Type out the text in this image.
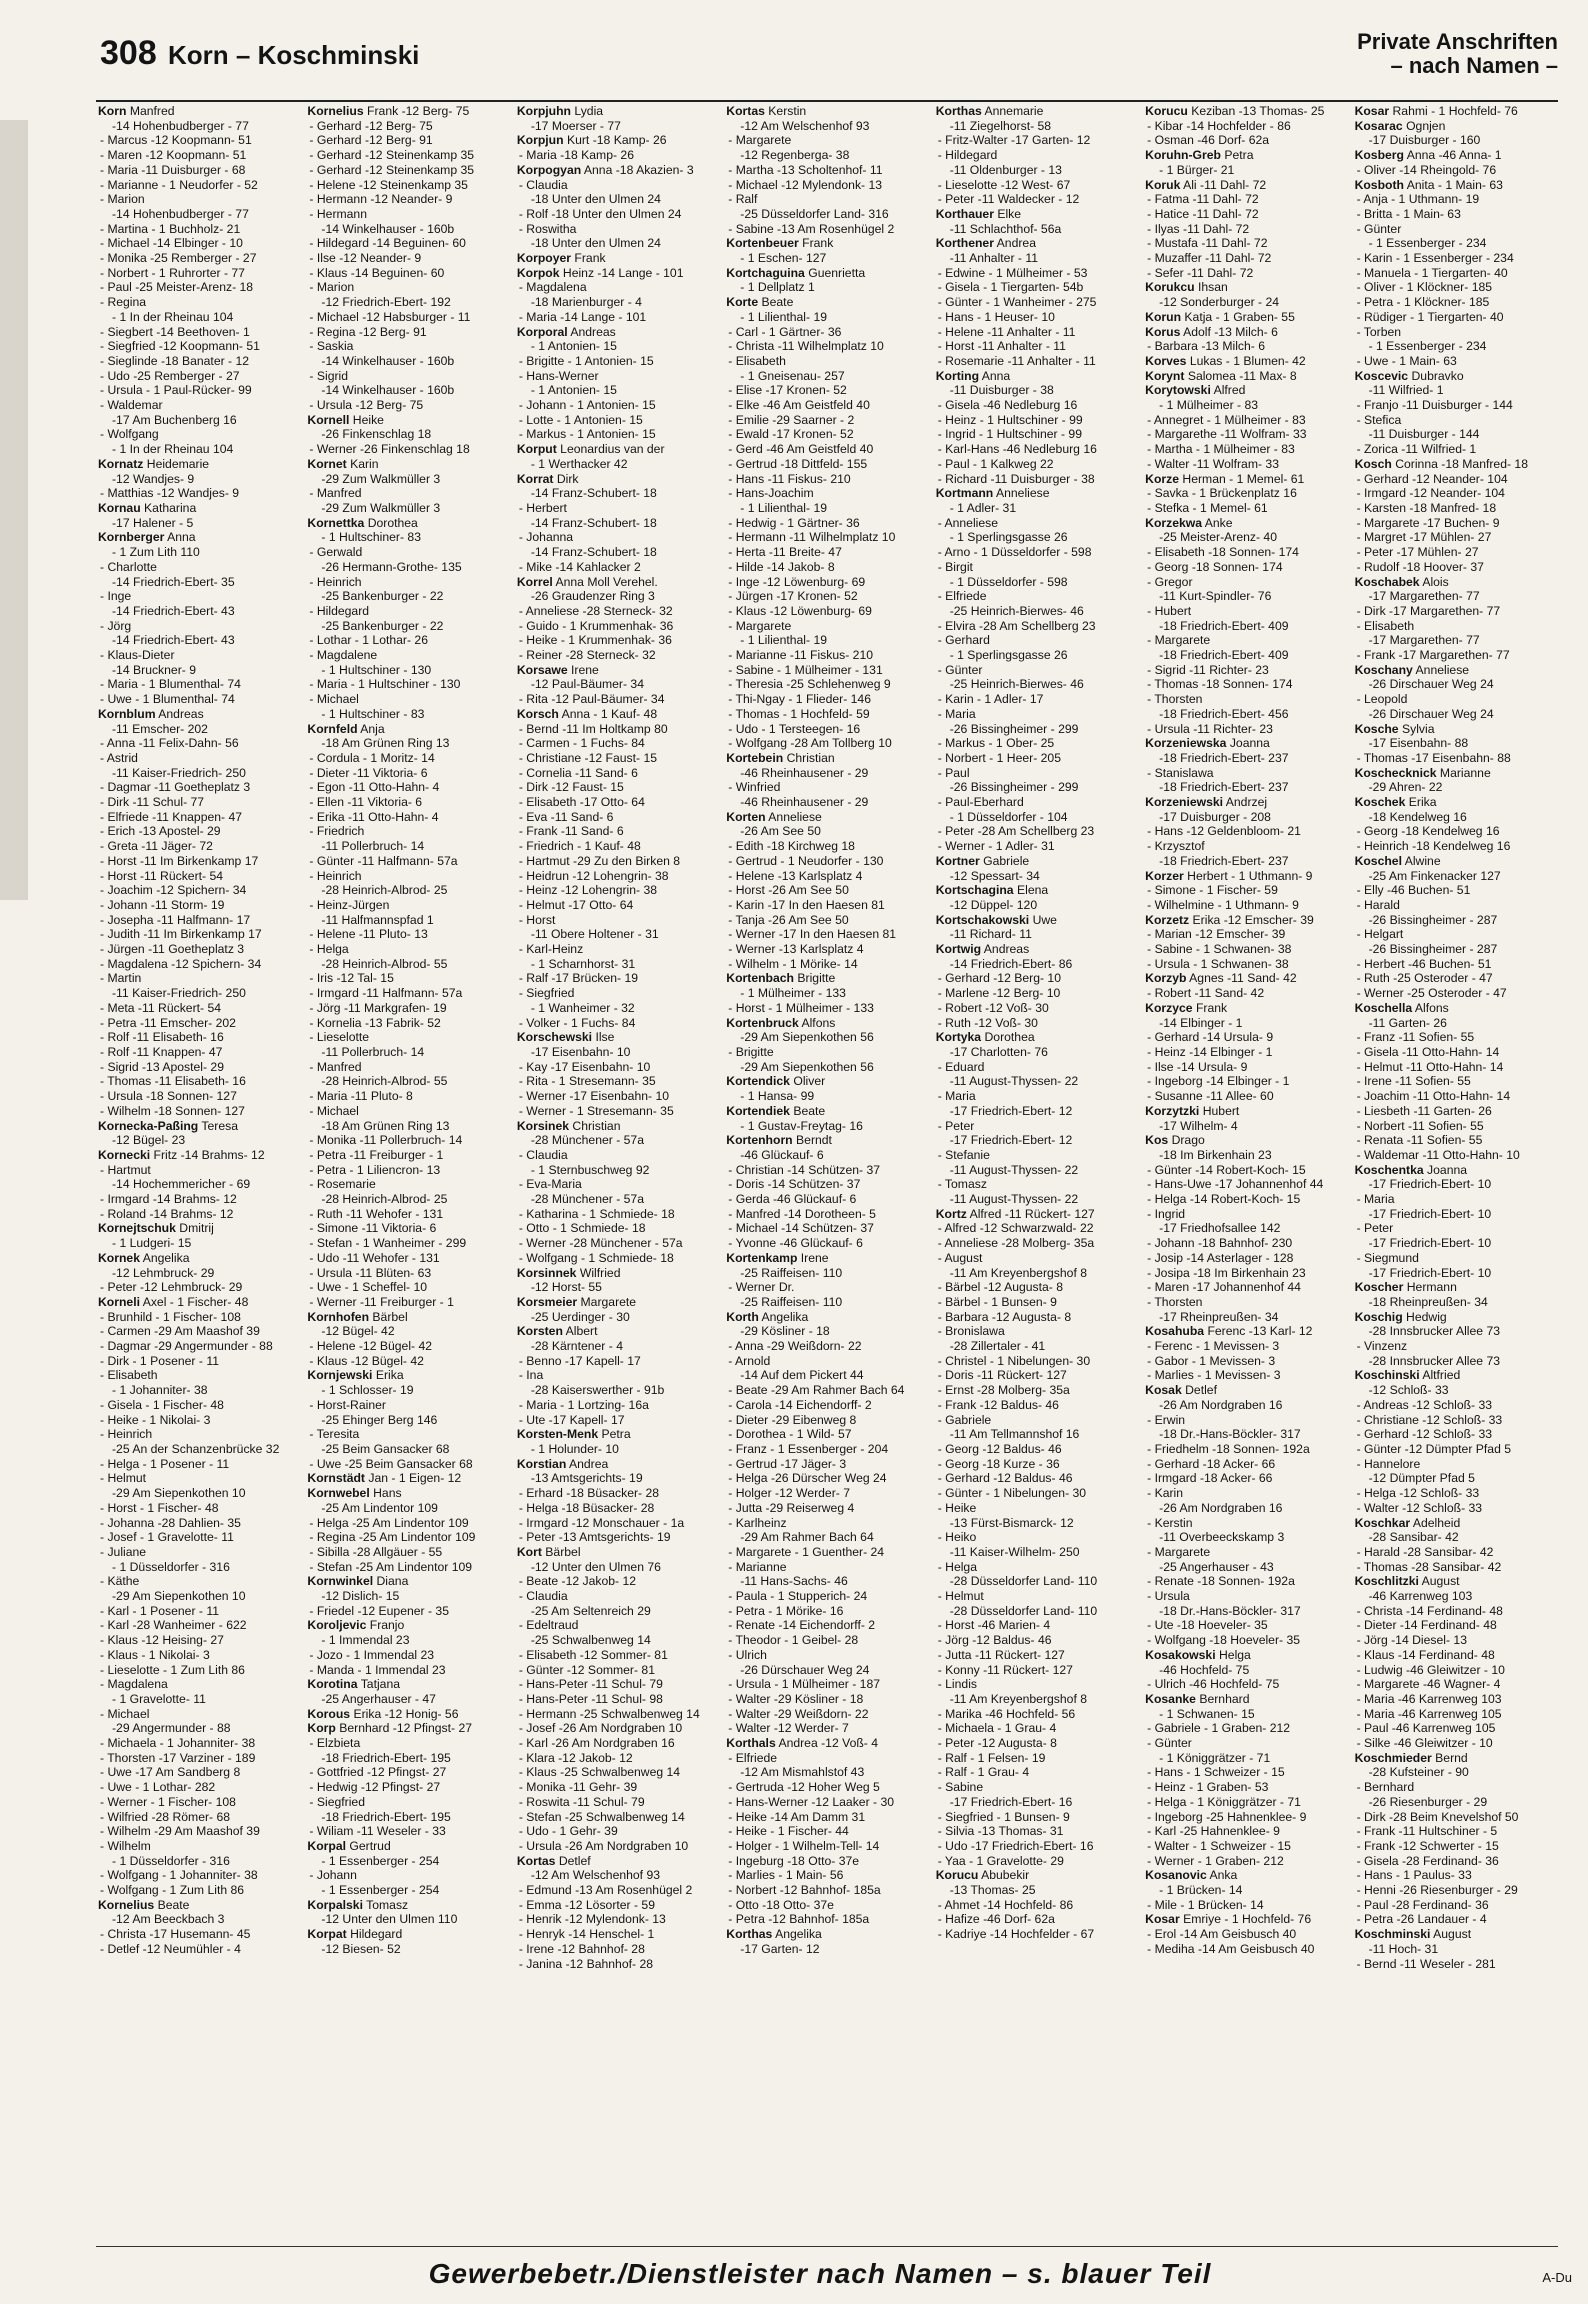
308 Korn – Koschminski	Private Anschriften
– nach Namen –
Korn Manfred
-14 Hohenbudberger - 77
- Marcus -12 Koopmann- 51
- Maren -12 Koopmann- 51
- Maria -11 Duisburger - 68
- Marianne - 1 Neudorfer - 52
- Marion
-14 Hohenbudberger - 77
- Martina - 1 Buchholz- 21
- Michael -14 Elbinger - 10
- Monika -25 Remberger - 27
- Norbert - 1 Ruhrorter - 77
- Paul -25 Meister-Arenz- 18
- Regina
- 1 In der Rheinau 104
- Siegbert -14 Beethoven- 1
- Siegfried -12 Koopmann- 51
- Sieglinde -18 Banater - 12
- Udo -25 Remberger - 27
- Ursula - 1 Paul-Rücker- 99
- Waldemar
-17 Am Buchenberg 16
- Wolfgang
- 1 In der Rheinau 104
Kornatz Heidemarie
-12 Wandjes- 9
- Matthias -12 Wandjes- 9
Kornau Katharina
-17 Halener - 5
Kornberger Anna
- 1 Zum Lith 110
- Charlotte
-14 Friedrich-Ebert- 35
- Inge
-14 Friedrich-Ebert- 43
- Jörg
-14 Friedrich-Ebert- 43
- Klaus-Dieter
-14 Bruckner- 9
- Maria - 1 Blumenthal- 74
- Uwe - 1 Blumenthal- 74
Kornblum Andreas
-11 Emscher- 202
- Anna -11 Felix-Dahn- 56
- Astrid
-11 Kaiser-Friedrich- 250
- Dagmar -11 Goetheplatz 3
- Dirk -11 Schul- 77
- Elfriede -11 Knappen- 47
- Erich -13 Apostel- 29
- Greta -11 Jäger- 72
- Horst -11 Im Birkenkamp 17
- Horst -11 Rückert- 54
- Joachim -12 Spichern- 34
- Johann -11 Storm- 19
- Josepha -11 Halfmann- 17
- Judith -11 Im Birkenkamp 17
- Jürgen -11 Goetheplatz 3
- Magdalena -12 Spichern- 34
- Martin
-11 Kaiser-Friedrich- 250
- Meta -11 Rückert- 54
- Petra -11 Emscher- 202
- Rolf -11 Elisabeth- 16
- Rolf -11 Knappen- 47
- Sigrid -13 Apostel- 29
- Thomas -11 Elisabeth- 16
- Ursula -18 Sonnen- 127
- Wilhelm -18 Sonnen- 127
Kornecka-Paßing Teresa
-12 Bügel- 23
Kornecki Fritz -14 Brahms- 12
- Hartmut
-14 Hochemmericher - 69
- Irmgard -14 Brahms- 12
- Roland -14 Brahms- 12
Kornejtschuk Dmitrij
- 1 Ludgeri- 15
Kornek Angelika
-12 Lehmbruck- 29
- Peter -12 Lehmbruck- 29
Korneli Axel - 1 Fischer- 48
- Brunhild - 1 Fischer- 108
- Carmen -29 Am Maashof 39
- Dagmar -29 Angermunder - 88
- Dirk - 1 Posener - 11
- Elisabeth
- 1 Johanniter- 38
- Gisela - 1 Fischer- 48
- Heike - 1 Nikolai- 3
- Heinrich
-25 An der Schanzenbrücke 32
- Helga - 1 Posener - 11
- Helmut
-29 Am Siepenkothen 10
- Horst - 1 Fischer- 48
- Johanna -28 Dahlien- 35
- Josef - 1 Gravelotte- 11
- Juliane
- 1 Düsseldorfer - 316
- Käthe
-29 Am Siepenkothen 10
- Karl - 1 Posener - 11
- Karl -28 Wanheimer - 622
- Klaus -12 Heising- 27
- Klaus - 1 Nikolai- 3
- Lieselotte - 1 Zum Lith 86
- Magdalena
- 1 Gravelotte- 11
- Michael
-29 Angermunder - 88
- Michaela - 1 Johanniter- 38
- Thorsten -17 Varziner - 189
- Uwe -17 Am Sandberg 8
- Uwe - 1 Lothar- 282
- Werner - 1 Fischer- 108
- Wilfried -28 Römer- 68
- Wilhelm -29 Am Maashof 39
- Wilhelm
- 1 Düsseldorfer - 316
- Wolfgang - 1 Johanniter- 38
- Wolfgang - 1 Zum Lith 86
Kornelius Beate
-12 Am Beeckbach 3
- Christa -17 Husemann- 45
- Detlef -12 Neumühler - 4
Kornelius Frank -12 Berg- 75
- Gerhard -12 Berg- 75
- Gerhard -12 Berg- 91
- Gerhard -12 Steinenkamp 35
- Gerhard -12 Steinenkamp 35
- Helene -12 Steinenkamp 35
- Hermann -12 Neander- 9
- Hermann
-14 Winkelhauser - 160b
- Hildegard -14 Beguinen- 60
- Ilse -12 Neander- 9
- Klaus -14 Beguinen- 60
- Marion
-12 Friedrich-Ebert- 192
- Michael -12 Habsburger - 11
- Regina -12 Berg- 91
- Saskia
-14 Winkelhauser - 160b
- Sigrid
-14 Winkelhauser - 160b
- Ursula -12 Berg- 75
Kornell Heike
-26 Finkenschlag 18
- Werner -26 Finkenschlag 18
Kornet Karin
-29 Zum Walkmüller 3
- Manfred
-29 Zum Walkmüller 3
Kornettka Dorothea
- 1 Hultschiner- 83
- Gerwald
-26 Hermann-Grothe- 135
- Heinrich
-25 Bankenburger - 22
- Hildegard
-25 Bankenburger - 22
- Lothar - 1 Lothar- 26
- Magdalene
- 1 Hultschiner - 130
- Maria - 1 Hultschiner - 130
- Michael
- 1 Hultschiner - 83
Kornfeld Anja
-18 Am Grünen Ring 13
- Cordula - 1 Moritz- 14
- Dieter -11 Viktoria- 6
- Egon -11 Otto-Hahn- 4
- Ellen -11 Viktoria- 6
- Erika -11 Otto-Hahn- 4
- Friedrich
-11 Pollerbruch- 14
- Günter -11 Halfmann- 57a
- Heinrich
-28 Heinrich-Albrod- 25
- Heinz-Jürgen
-11 Halfmannspfad 1
- Helene -11 Pluto- 13
- Helga
-28 Heinrich-Albrod- 55
- Iris -12 Tal- 15
- Irmgard -11 Halfmann- 57a
- Jörg -11 Markgrafen- 19
- Kornelia -13 Fabrik- 52
- Lieselotte
-11 Pollerbruch- 14
- Manfred
-28 Heinrich-Albrod- 55
- Maria -11 Pluto- 8
- Michael
-18 Am Grünen Ring 13
- Monika -11 Pollerbruch- 14
- Petra -11 Freiburger - 1
- Petra - 1 Liliencron- 13
- Rosemarie
-28 Heinrich-Albrod- 25
- Ruth -11 Wehofer - 131
- Simone -11 Viktoria- 6
- Stefan - 1 Wanheimer - 299
- Udo -11 Wehofer - 131
- Ursula -11 Blüten- 63
- Uwe - 1 Scheffel- 10
- Werner -11 Freiburger - 1
Kornhofen Bärbel
-12 Bügel- 42
- Helene -12 Bügel- 42
- Klaus -12 Bügel- 42
Kornjewski Erika
- 1 Schlosser- 19
- Horst-Rainer
-25 Ehinger Berg 146
- Teresita
-25 Beim Gansacker 68
- Uwe -25 Beim Gansacker 68
Kornstädt Jan - 1 Eigen- 12
Kornwebel Hans
-25 Am Lindentor 109
- Helga -25 Am Lindentor 109
- Regina -25 Am Lindentor 109
- Sibilla -28 Allgäuer - 55
- Stefan -25 Am Lindentor 109
Kornwinkel Diana
-12 Dislich- 15
- Friedel -12 Eupener - 35
Koroljevic Franjo
- 1 Immendal 23
- Jozo - 1 Immendal 23
- Manda - 1 Immendal 23
Korotina Tatjana
-25 Angerhauser - 47
Korous Erika -12 Honig- 56
Korp Bernhard -12 Pfingst- 27
- Elzbieta
-18 Friedrich-Ebert- 195
- Gottfried -12 Pfingst- 27
- Hedwig -12 Pfingst- 27
- Siegfried
-18 Friedrich-Ebert- 195
- Wiliam -11 Weseler - 33
Korpal Gertrud
- 1 Essenberger - 254
- Johann
- 1 Essenberger - 254
Korpalski Tomasz
-12 Unter den Ulmen 110
Korpat Hildegard
-12 Biesen- 52
Korpjuhn Lydia
-17 Moerser - 77
Korpjun Kurt -18 Kamp- 26
- Maria -18 Kamp- 26
Korpogyan Anna -18 Akazien- 3
- Claudia
-18 Unter den Ulmen 24
- Rolf -18 Unter den Ulmen 24
- Roswitha
-18 Unter den Ulmen 24
Korpoyer Frank
Korpok Heinz -14 Lange - 101
- Magdalena
-18 Marienburger - 4
- Maria -14 Lange - 101
Korporal Andreas
- 1 Antonien- 15
- Brigitte - 1 Antonien- 15
- Hans-Werner
- 1 Antonien- 15
- Johann - 1 Antonien- 15
- Lotte - 1 Antonien- 15
- Markus - 1 Antonien- 15
Korput Leonardius van der
- 1 Werthacker 42
Korrat Dirk
-14 Franz-Schubert- 18
- Herbert
-14 Franz-Schubert- 18
- Johanna
-14 Franz-Schubert- 18
- Mike -14 Kahlacker 2
Korrel Anna Moll Verehel.
-26 Graudenzer Ring 3
- Anneliese -28 Sterneck- 32
- Guido - 1 Krummenhak- 36
- Heike - 1 Krummenhak- 36
- Reiner -28 Sterneck- 32
Korsawe Irene
-12 Paul-Bäumer- 34
- Rita -12 Paul-Bäumer- 34
Korsch Anna - 1 Kauf- 48
- Bernd -11 Im Holtkamp 80
- Carmen - 1 Fuchs- 84
- Christiane -12 Faust- 15
- Cornelia -11 Sand- 6
- Dirk -12 Faust- 15
- Elisabeth -17 Otto- 64
- Eva -11 Sand- 6
- Frank -11 Sand- 6
- Friedrich - 1 Kauf- 48
- Hartmut -29 Zu den Birken 8
- Heidrun -12 Lohengrin- 38
- Heinz -12 Lohengrin- 38
- Helmut -17 Otto- 64
- Horst
-11 Obere Holtener - 31
- Karl-Heinz
- 1 Scharnhorst- 31
- Ralf -17 Brücken- 19
- Siegfried
- 1 Wanheimer - 32
- Volker - 1 Fuchs- 84
Korschewski Ilse
-17 Eisenbahn- 10
- Kay -17 Eisenbahn- 10
- Rita - 1 Stresemann- 35
- Werner -17 Eisenbahn- 10
- Werner - 1 Stresemann- 35
Korsinek Christian
-28 Münchener - 57a
- Claudia
- 1 Sternbuschweg 92
- Eva-Maria
-28 Münchener - 57a
- Katharina - 1 Schmiede- 18
- Otto - 1 Schmiede- 18
- Werner -28 Münchener - 57a
- Wolfgang - 1 Schmiede- 18
Korsinnek Wilfried
-12 Horst- 55
Korsmeier Margarete
-25 Uerdinger - 30
Korsten Albert
-28 Kärntener - 4
- Benno -17 Kapell- 17
- Ina
-28 Kaiserswerther - 91b
- Maria - 1 Lortzing- 16a
- Ute -17 Kapell- 17
Korsten-Menk Petra
- 1 Holunder- 10
Korstian Andrea
-13 Amtsgerichts- 19
- Erhard -18 Büsacker- 28
- Helga -18 Büsacker- 28
- Irmgard -12 Monschauer - 1a
- Peter -13 Amtsgerichts- 19
Kort Bärbel
-12 Unter den Ulmen 76
- Beate -12 Jakob- 12
- Claudia
-25 Am Seltenreich 29
- Edeltraud
-25 Schwalbenweg 14
- Elisabeth -12 Sommer- 81
- Günter -12 Sommer- 81
- Hans-Peter -11 Schul- 79
- Hans-Peter -11 Schul- 98
- Hermann -25 Schwalbenweg 14
- Josef -26 Am Nordgraben 10
- Karl -26 Am Nordgraben 16
- Klara -12 Jakob- 12
- Klaus -25 Schwalbenweg 14
- Monika -11 Gehr- 39
- Roswita -11 Schul- 79
- Stefan -25 Schwalbenweg 14
- Udo - 1 Gehr- 39
- Ursula -26 Am Nordgraben 10
Kortas Detlef
-12 Am Welschenhof 93
- Edmund -13 Am Rosenhügel 2
- Emma -12 Lösorter - 59
- Henrik -12 Mylendonk- 13
- Henryk -14 Henschel- 1
- Irene -12 Bahnhof- 28
- Janina -12 Bahnhof- 28
Kortas Kerstin
-12 Am Welschenhof 93
- Margarete
-12 Regenberga- 38
- Martha -13 Scholtenhof- 11
- Michael -12 Mylendonk- 13
- Ralf
-25 Düsseldorfer Land- 316
- Sabine -13 Am Rosenhügel 2
Kortenbeuer Frank
- 1 Eschen- 127
Kortchaguina Guenrietta
- 1 Dellplatz 1
Korte Beate
- 1 Lilienthal- 19
- Carl - 1 Gärtner- 36
- Christa -11 Wilhelmplatz 10
- Elisabeth
- 1 Gneisenau- 257
- Elise -17 Kronen- 52
- Elke -46 Am Geistfeld 40
- Emilie -29 Saarner - 2
- Ewald -17 Kronen- 52
- Gerd -46 Am Geistfeld 40
- Gertrud -18 Dittfeld- 155
- Hans -11 Fiskus- 210
- Hans-Joachim
- 1 Lilienthal- 19
- Hedwig - 1 Gärtner- 36
- Hermann -11 Wilhelmplatz 10
- Herta -11 Breite- 47
- Hilde -14 Jakob- 8
- Inge -12 Löwenburg- 69
- Jürgen -17 Kronen- 52
- Klaus -12 Löwenburg- 69
- Margarete
- 1 Lilienthal- 19
- Marianne -11 Fiskus- 210
- Sabine - 1 Mülheimer - 131
- Theresia -25 Schlehenweg 9
- Thi-Ngay - 1 Flieder- 146
- Thomas - 1 Hochfeld- 59
- Udo - 1 Tersteegen- 16
- Wolfgang -28 Am Tollberg 10
Kortebein Christian
-46 Rheinhausener - 29
- Winfried
-46 Rheinhausener - 29
Korten Anneliese
-26 Am See 50
- Edith -18 Kirchweg 18
- Gertrud - 1 Neudorfer - 130
- Helene -13 Karlsplatz 4
- Horst -26 Am See 50
- Karin -17 In den Haesen 81
- Tanja -26 Am See 50
- Werner -17 In den Haesen 81
- Werner -13 Karlsplatz 4
- Wilhelm - 1 Mörike- 14
Kortenbach Brigitte
- 1 Mülheimer - 133
- Horst - 1 Mülheimer - 133
Kortenbruck Alfons
-29 Am Siepenkothen 56
- Brigitte
-29 Am Siepenkothen 56
Kortendick Oliver
- 1 Hansa- 99
Kortendiek Beate
- 1 Gustav-Freytag- 16
Kortenhorn Berndt
-46 Glückauf- 6
- Christian -14 Schützen- 37
- Doris -14 Schützen- 37
- Gerda -46 Glückauf- 6
- Manfred -14 Dorotheen- 5
- Michael -14 Schützen- 37
- Yvonne -46 Glückauf- 6
Kortenkamp Irene
-25 Raiffeisen- 110
- Werner Dr.
-25 Raiffeisen- 110
Korth Angelika
-29 Kösliner - 18
- Anna -29 Weißdorn- 22
- Arnold
-14 Auf dem Pickert 44
- Beate -29 Am Rahmer Bach 64
- Carola -14 Eichendorff- 2
- Dieter -29 Eibenweg 8
- Dorothea - 1 Wild- 57
- Franz - 1 Essenberger - 204
- Gertrud -17 Jäger- 3
- Helga -26 Dürscher Weg 24
- Holger -12 Werder- 7
- Jutta -29 Reiserweg 4
- Karlheinz
-29 Am Rahmer Bach 64
- Margarete - 1 Guenther- 24
- Marianne
-11 Hans-Sachs- 46
- Paula - 1 Stupperich- 24
- Petra - 1 Mörike- 16
- Renate -14 Eichendorff- 2
- Theodor - 1 Geibel- 28
- Ulrich
-26 Dürschauer Weg 24
- Ursula - 1 Mülheimer - 187
- Walter -29 Kösliner - 18
- Walter -29 Weißdorn- 22
- Walter -12 Werder- 7
Korthals Andrea -12 Voß- 4
- Elfriede
-12 Am Mismahlstof 43
- Gertruda -12 Hoher Weg 5
- Hans-Werner -12 Laaker - 30
- Heike -14 Am Damm 31
- Heike - 1 Fischer- 44
- Holger - 1 Wilhelm-Tell- 14
- Ingeburg -18 Otto- 37e
- Marlies - 1 Main- 56
- Norbert -12 Bahnhof- 185a
- Otto -18 Otto- 37e
- Petra -12 Bahnhof- 185a
Korthas Angelika
-17 Garten- 12
Korthas Annemarie
-11 Ziegelhorst- 58
- Fritz-Walter -17 Garten- 12
- Hildegard
-11 Oldenburger - 13
- Lieselotte -12 West- 67
- Peter -11 Waldecker - 12
Korthauer Elke
-11 Schlachthof- 56a
Korthener Andrea
-11 Anhalter - 11
- Edwine - 1 Mülheimer - 53
- Gisela - 1 Tiergarten- 54b
- Günter - 1 Wanheimer - 275
- Hans - 1 Heuser- 10
- Helene -11 Anhalter - 11
- Horst -11 Anhalter - 11
- Rosemarie -11 Anhalter - 11
Korting Anna
-11 Duisburger - 38
- Gisela -46 Nedleburg 16
- Heinz - 1 Hultschiner - 99
- Ingrid - 1 Hultschiner - 99
- Karl-Hans -46 Nedleburg 16
- Paul - 1 Kalkweg 22
- Richard -11 Duisburger - 38
Kortmann Anneliese
- 1 Adler- 31
- Anneliese
- 1 Sperlingsgasse 26
- Arno - 1 Düsseldorfer - 598
- Birgit
- 1 Düsseldorfer - 598
- Elfriede
-25 Heinrich-Bierwes- 46
- Elvira -28 Am Schellberg 23
- Gerhard
- 1 Sperlingsgasse 26
- Günter
-25 Heinrich-Bierwes- 46
- Karin - 1 Adler- 17
- Maria
-26 Bissingheimer - 299
- Markus - 1 Ober- 25
- Norbert - 1 Heer- 205
- Paul
-26 Bissingheimer - 299
- Paul-Eberhard
- 1 Düsseldorfer - 104
- Peter -28 Am Schellberg 23
- Werner - 1 Adler- 31
Kortner Gabriele
-12 Spessart- 34
Kortschagina Elena
-12 Düppel- 120
Kortschakowski Uwe
-11 Richard- 11
Kortwig Andreas
-14 Friedrich-Ebert- 86
- Gerhard -12 Berg- 10
- Marlene -12 Berg- 10
- Robert -12 Voß- 30
- Ruth -12 Voß- 30
Kortyka Dorothea
-17 Charlotten- 76
- Eduard
-11 August-Thyssen- 22
- Maria
-17 Friedrich-Ebert- 12
- Peter
-17 Friedrich-Ebert- 12
- Stefanie
-11 August-Thyssen- 22
- Tomasz
-11 August-Thyssen- 22
Kortz Alfred -11 Rückert- 127
- Alfred -12 Schwarzwald- 22
- Anneliese -28 Molberg- 35a
- August
-11 Am Kreyenbergshof 8
- Bärbel -12 Augusta- 8
- Bärbel - 1 Bunsen- 9
- Barbara -12 Augusta- 8
- Bronislawa
-28 Zillertaler - 41
- Christel - 1 Nibelungen- 30
- Doris -11 Rückert- 127
- Ernst -28 Molberg- 35a
- Frank -12 Baldus- 46
- Gabriele
-11 Am Tellmannshof 16
- Georg -12 Baldus- 46
- Georg -18 Kurze - 36
- Gerhard -12 Baldus- 46
- Günter - 1 Nibelungen- 30
- Heike
-13 Fürst-Bismarck- 12
- Heiko
-11 Kaiser-Wilhelm- 250
- Helga
-28 Düsseldorfer Land- 110
- Helmut
-28 Düsseldorfer Land- 110
- Horst -46 Marien- 4
- Jörg -12 Baldus- 46
- Jutta -11 Rückert- 127
- Konny -11 Rückert- 127
- Lindis
-11 Am Kreyenbergshof 8
- Marika -46 Hochfeld- 56
- Michaela - 1 Grau- 4
- Peter -12 Augusta- 8
- Ralf - 1 Felsen- 19
- Ralf - 1 Grau- 4
- Sabine
-17 Friedrich-Ebert- 16
- Siegfried - 1 Bunsen- 9
- Silvia -13 Thomas- 31
- Udo -17 Friedrich-Ebert- 16
- Yaa - 1 Gravelotte- 29
Korucu Abubekir
-13 Thomas- 25
- Ahmet -14 Hochfeld- 86
- Hafize -46 Dorf- 62a
- Kadriye -14 Hochfelder - 67
Korucu Keziban -13 Thomas- 25
- Kibar -14 Hochfelder - 86
- Osman -46 Dorf- 62a
Koruhn-Greb Petra
- 1 Bürger- 21
Koruk Ali -11 Dahl- 72
- Fatma -11 Dahl- 72
- Hatice -11 Dahl- 72
- Ilyas -11 Dahl- 72
- Mustafa -11 Dahl- 72
- Muzaffer -11 Dahl- 72
- Sefer -11 Dahl- 72
Korukcu Ihsan
-12 Sonderburger - 24
Korun Katja - 1 Graben- 55
Korus Adolf -13 Milch- 6
- Barbara -13 Milch- 6
Korves Lukas - 1 Blumen- 42
Korynt Salomea -11 Max- 8
Korytowski Alfred
- 1 Mülheimer - 83
- Annegret - 1 Mülheimer - 83
- Margarethe -11 Wolfram- 33
- Martha - 1 Mülheimer - 83
- Walter -11 Wolfram- 33
Korze Herman - 1 Memel- 61
- Savka - 1 Brückenplatz 16
- Stefka - 1 Memel- 61
Korzekwa Anke
-25 Meister-Arenz- 40
- Elisabeth -18 Sonnen- 174
- Georg -18 Sonnen- 174
- Gregor
-11 Kurt-Spindler- 76
- Hubert
-18 Friedrich-Ebert- 409
- Margarete
-18 Friedrich-Ebert- 409
- Sigrid -11 Richter- 23
- Thomas -18 Sonnen- 174
- Thorsten
-18 Friedrich-Ebert- 456
- Ursula -11 Richter- 23
Korzeniewska Joanna
-18 Friedrich-Ebert- 237
- Stanislawa
-18 Friedrich-Ebert- 237
Korzeniewski Andrzej
-17 Duisburger - 208
- Hans -12 Geldenbloom- 21
- Krzysztof
-18 Friedrich-Ebert- 237
Korzer Herbert - 1 Uthmann- 9
- Simone - 1 Fischer- 59
- Wilhelmine - 1 Uthmann- 9
Korzetz Erika -12 Emscher- 39
- Marian -12 Emscher- 39
- Sabine - 1 Schwanen- 38
- Ursula - 1 Schwanen- 38
Korzyb Agnes -11 Sand- 42
- Robert -11 Sand- 42
Korzyce Frank
-14 Elbinger - 1
- Gerhard -14 Ursula- 9
- Heinz -14 Elbinger - 1
- Ilse -14 Ursula- 9
- Ingeborg -14 Elbinger - 1
- Susanne -11 Allee- 60
Korzytzki Hubert
-17 Wilhelm- 4
Kos Drago
-18 Im Birkenhain 23
- Günter -14 Robert-Koch- 15
- Hans-Uwe -17 Johannenhof 44
- Helga -14 Robert-Koch- 15
- Ingrid
-17 Friedhofsallee 142
- Johann -18 Bahnhof- 230
- Josip -14 Asterlager - 128
- Josipa -18 Im Birkenhain 23
- Maren -17 Johannenhof 44
- Thorsten
-17 Rheinpreußen- 34
Kosahuba Ferenc -13 Karl- 12
- Ferenc - 1 Mevissen- 3
- Gabor - 1 Mevissen- 3
- Marlies - 1 Mevissen- 3
Kosak Detlef
-26 Am Nordgraben 16
- Erwin
-18 Dr.-Hans-Böckler- 317
- Friedhelm -18 Sonnen- 192a
- Gerhard -18 Acker- 66
- Irmgard -18 Acker- 66
- Karin
-26 Am Nordgraben 16
- Kerstin
-11 Overbeeckskamp 3
- Margarete
-25 Angerhauser - 43
- Renate -18 Sonnen- 192a
- Ursula
-18 Dr.-Hans-Böckler- 317
- Ute -18 Hoeveler- 35
- Wolfgang -18 Hoeveler- 35
Kosakowski Helga
-46 Hochfeld- 75
- Ulrich -46 Hochfeld- 75
Kosanke Bernhard
- 1 Schwanen- 15
- Gabriele - 1 Graben- 212
- Günter
- 1 Königgrätzer - 71
- Hans - 1 Schweizer - 15
- Heinz - 1 Graben- 53
- Helga - 1 Königgrätzer - 71
- Ingeborg -25 Hahnenklee- 9
- Karl -25 Hahnenklee- 9
- Walter - 1 Schweizer - 15
- Werner - 1 Graben- 212
Kosanovic Anka
- 1 Brücken- 14
- Mile - 1 Brücken- 14
Kosar Emriye - 1 Hochfeld- 76
- Erol -14 Am Geisbusch 40
- Mediha -14 Am Geisbusch 40
Kosar Rahmi - 1 Hochfeld- 76
Kosarac Ognjen
-17 Duisburger - 160
Kosberg Anna -46 Anna- 1
- Oliver -14 Rheingold- 76
Kosboth Anita - 1 Main- 63
- Anja - 1 Uthmann- 19
- Britta - 1 Main- 63
- Günter
- 1 Essenberger - 234
- Karin - 1 Essenberger - 234
- Manuela - 1 Tiergarten- 40
- Oliver - 1 Klöckner- 185
- Petra - 1 Klöckner- 185
- Rüdiger - 1 Tiergarten- 40
- Torben
- 1 Essenberger - 234
- Uwe - 1 Main- 63
Koscevic Dubravko
-11 Wilfried- 1
- Franjo -11 Duisburger - 144
- Stefica
-11 Duisburger - 144
- Zorica -11 Wilfried- 1
Kosch Corinna -18 Manfred- 18
- Gerhard -12 Neander- 104
- Irmgard -12 Neander- 104
- Karsten -18 Manfred- 18
- Margarete -17 Buchen- 9
- Margret -17 Mühlen- 27
- Peter -17 Mühlen- 27
- Rudolf -18 Hoover- 37
Koschabek Alois
-17 Margarethen- 77
- Dirk -17 Margarethen- 77
- Elisabeth
-17 Margarethen- 77
- Frank -17 Margarethen- 77
Koschany Anneliese
-26 Dirschauer Weg 24
- Leopold
-26 Dirschauer Weg 24
Kosche Sylvia
-17 Eisenbahn- 88
- Thomas -17 Eisenbahn- 88
Koschecknick Marianne
-29 Ahren- 22
Koschek Erika
-18 Kendelweg 16
- Georg -18 Kendelweg 16
- Heinrich -18 Kendelweg 16
Koschel Alwine
-25 Am Finkenacker 127
- Elly -46 Buchen- 51
- Harald
-26 Bissingheimer - 287
- Helgart
-26 Bissingheimer - 287
- Herbert -46 Buchen- 51
- Ruth -25 Osteroder - 47
- Werner -25 Osteroder - 47
Koschella Alfons
-11 Garten- 26
- Franz -11 Sofien- 55
- Gisela -11 Otto-Hahn- 14
- Helmut -11 Otto-Hahn- 14
- Irene -11 Sofien- 55
- Joachim -11 Otto-Hahn- 14
- Liesbeth -11 Garten- 26
- Norbert -11 Sofien- 55
- Renata -11 Sofien- 55
- Waldemar -11 Otto-Hahn- 10
Koschentka Joanna
-17 Friedrich-Ebert- 10
- Maria
-17 Friedrich-Ebert- 10
- Peter
-17 Friedrich-Ebert- 10
- Siegmund
-17 Friedrich-Ebert- 10
Koscher Hermann
-18 Rheinpreußen- 34
Koschig Hedwig
-28 Innsbrucker Allee 73
- Vinzenz
-28 Innsbrucker Allee 73
Koschinski Altfried
-12 Schloß- 33
- Andreas -12 Schloß- 33
- Christiane -12 Schloß- 33
- Gerhard -12 Schloß- 33
- Günter -12 Dümpter Pfad 5
- Hannelore
-12 Dümpter Pfad 5
- Helga -12 Schloß- 33
- Walter -12 Schloß- 33
Koschkar Adelheid
-28 Sansibar- 42
- Harald -28 Sansibar- 42
- Thomas -28 Sansibar- 42
Koschlitzki August
-46 Karrenweg 103
- Christa -14 Ferdinand- 48
- Dieter -14 Ferdinand- 48
- Jörg -14 Diesel- 13
- Klaus -14 Ferdinand- 48
- Ludwig -46 Gleiwitzer - 10
- Margarete -46 Wagner- 4
- Maria -46 Karrenweg 103
- Maria -46 Karrenweg 105
- Paul -46 Karrenweg 105
- Silke -46 Gleiwitzer - 10
Koschmieder Bernd
-28 Kufsteiner - 90
- Bernhard
-26 Riesenburger - 29
- Dirk -28 Beim Knevelshof 50
- Frank -11 Hultschiner - 5
- Frank -12 Schwerter - 15
- Gisela -28 Ferdinand- 36
- Hans - 1 Paulus- 33
- Henni -26 Riesenburger - 29
- Paul -28 Ferdinand- 36
- Petra -26 Landauer - 4
Koschminski August
-11 Hoch- 31
- Bernd -11 Weseler - 281
Gewerbebetr./Dienstleister nach Namen – s. blauer Teil	A-Du
